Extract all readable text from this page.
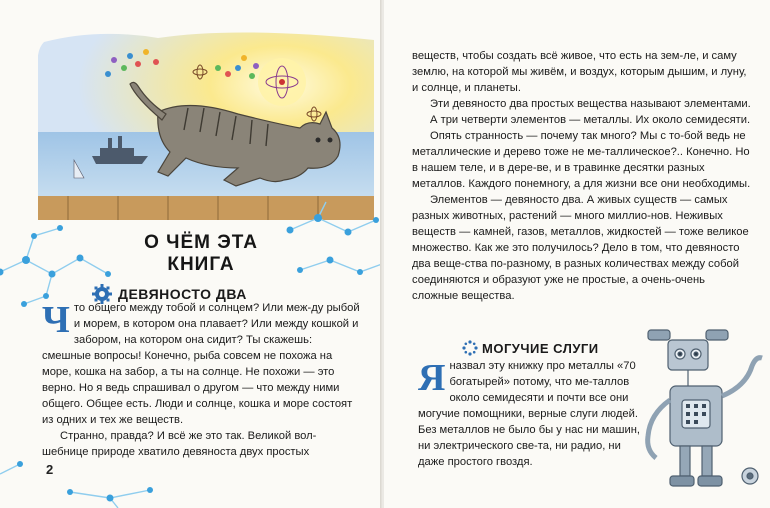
О ЧЁМ ЭТА КНИГА
ДЕВЯНОСТО ДВА

Что общего между тобой и солнцем? Или меж-ду рыбой и морем, в котором она плавает? Или между кошкой и забором, на котором она сидит? Ты скажешь: смешные вопросы! Конечно, рыба совсем не похожа на море, кошка на забор, а ты на солнце. Не похожи — это верно. Но я ведь спрашивал о другом — что между ними общего. Общее есть. Люди и солнце, кошка и море состоят из одних и тех же веществ.

Странно, правда? И всё же это так. Великой вол-шебнице природе хватило девяноста двух простых

2

веществ, чтобы создать всё живое, что есть на зем-ле, и саму землю, на которой мы живём, и воздух, которым дышим, и луну, и солнце, и планеты.

Эти девяносто два простых вещества называют элементами.

А три четверти элементов — металлы. Их около семидесяти.

Опять странность — почему так много? Мы с то-бой ведь не металлические и дерево тоже не ме-таллическое?.. Конечно. Но в нашем теле, и в дере-ве, и в травинке десятки разных металлов. Каждого понемногу, а для жизни все они необходимы.

Элементов — девяносто два. А живых существ — самых разных животных, растений — много миллио-нов. Неживых веществ — камней, газов, металлов, жидкостей — тоже великое множество. Как же это получилось? Дело в том, что девяносто два веще-ства по-разному, в разных количествах между собой соединяются и образуют уже не простые, а очень-очень сложные вещества.

МОГУЧИЕ СЛУГИ

Яназвал эту книжку про металлы «70 богатырей» потому, что ме-таллов около семидесяти и почти все они могучие помощники, верные слуги людей. Без металлов не было бы у нас ни машин, ни электрического све-та, ни радио, ни даже простого гвоздя.
